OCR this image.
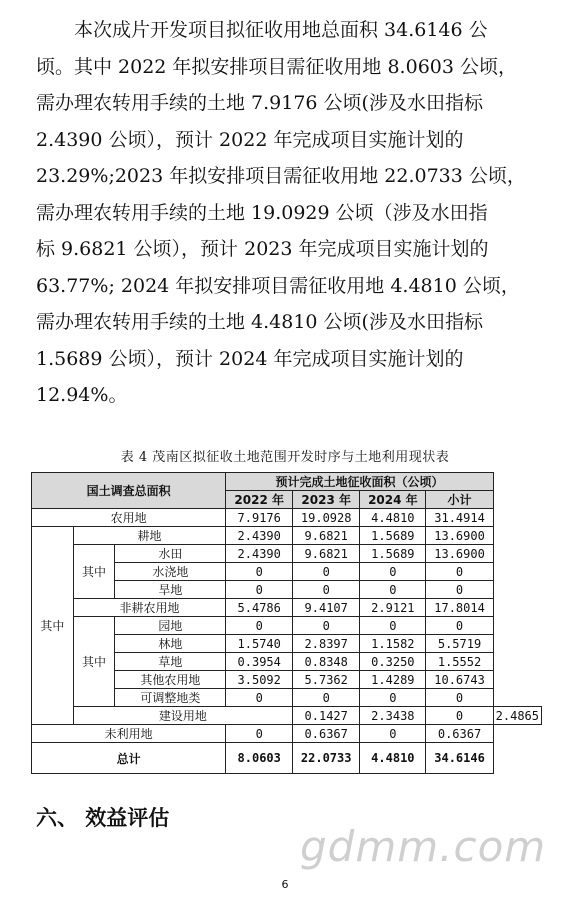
本次成片开发项目拟征收用地总面积 34.6146 公
顷。其中 2022 年拟安排项目需征收用地 8.0603 公顷，
需办理农转用手续的土地 7.9176 公顷(涉及水田指标
2.4390 公顷），预计 2022 年完成项目实施计划的
23.29%;2023 年拟安排项目需征收用地 22.0733 公顷，
需办理农转用手续的土地 19.0929 公顷（涉及水田指
标 9.6821 公顷），预计 2023 年完成项目实施计划的
63.77%; 2024 年拟安排项目需征收用地 4.4810 公顷，
需办理农转用手续的土地 4.4810 公顷(涉及水田指标
1.5689 公顷），预计 2024 年完成项目实施计划的
12.94%。
表 4 茂南区拟征收土地范围开发时序与土地利用现状表
国土调查总面积			预计完成土地征收面积（公顷）				
			2022 年	2023 年	2024 年	小计	
农用地			7.9176	19.0928	4.4810	31.4914	
其中	耕地		2.4390	9.6821	1.5689	13.6900	
	其中	水田	2.4390	9.6821	1.5689	13.6900	
		水浇地	0	0	0	0	
		旱地	0	0	0	0	
	非耕农用地		5.4786	9.4107	2.9121	17.8014	
	其中	园地	0	0	0	0	
		林地	1.5740	2.8397	1.1582	5.5719	
		草地	0.3954	0.8348	0.3250	1.5552	
		其他农用地	3.5092	5.7362	1.4289	10.6743	
		可调整地类	0	0	0	0	
	建设用地			0.1427	2.3438	0	2.4865
未利用地			0	0.6367	0	0.6367	
总计			8.0603	22.0733	4.4810	34.6146	
六、 效益评估
gdmm.com
6
